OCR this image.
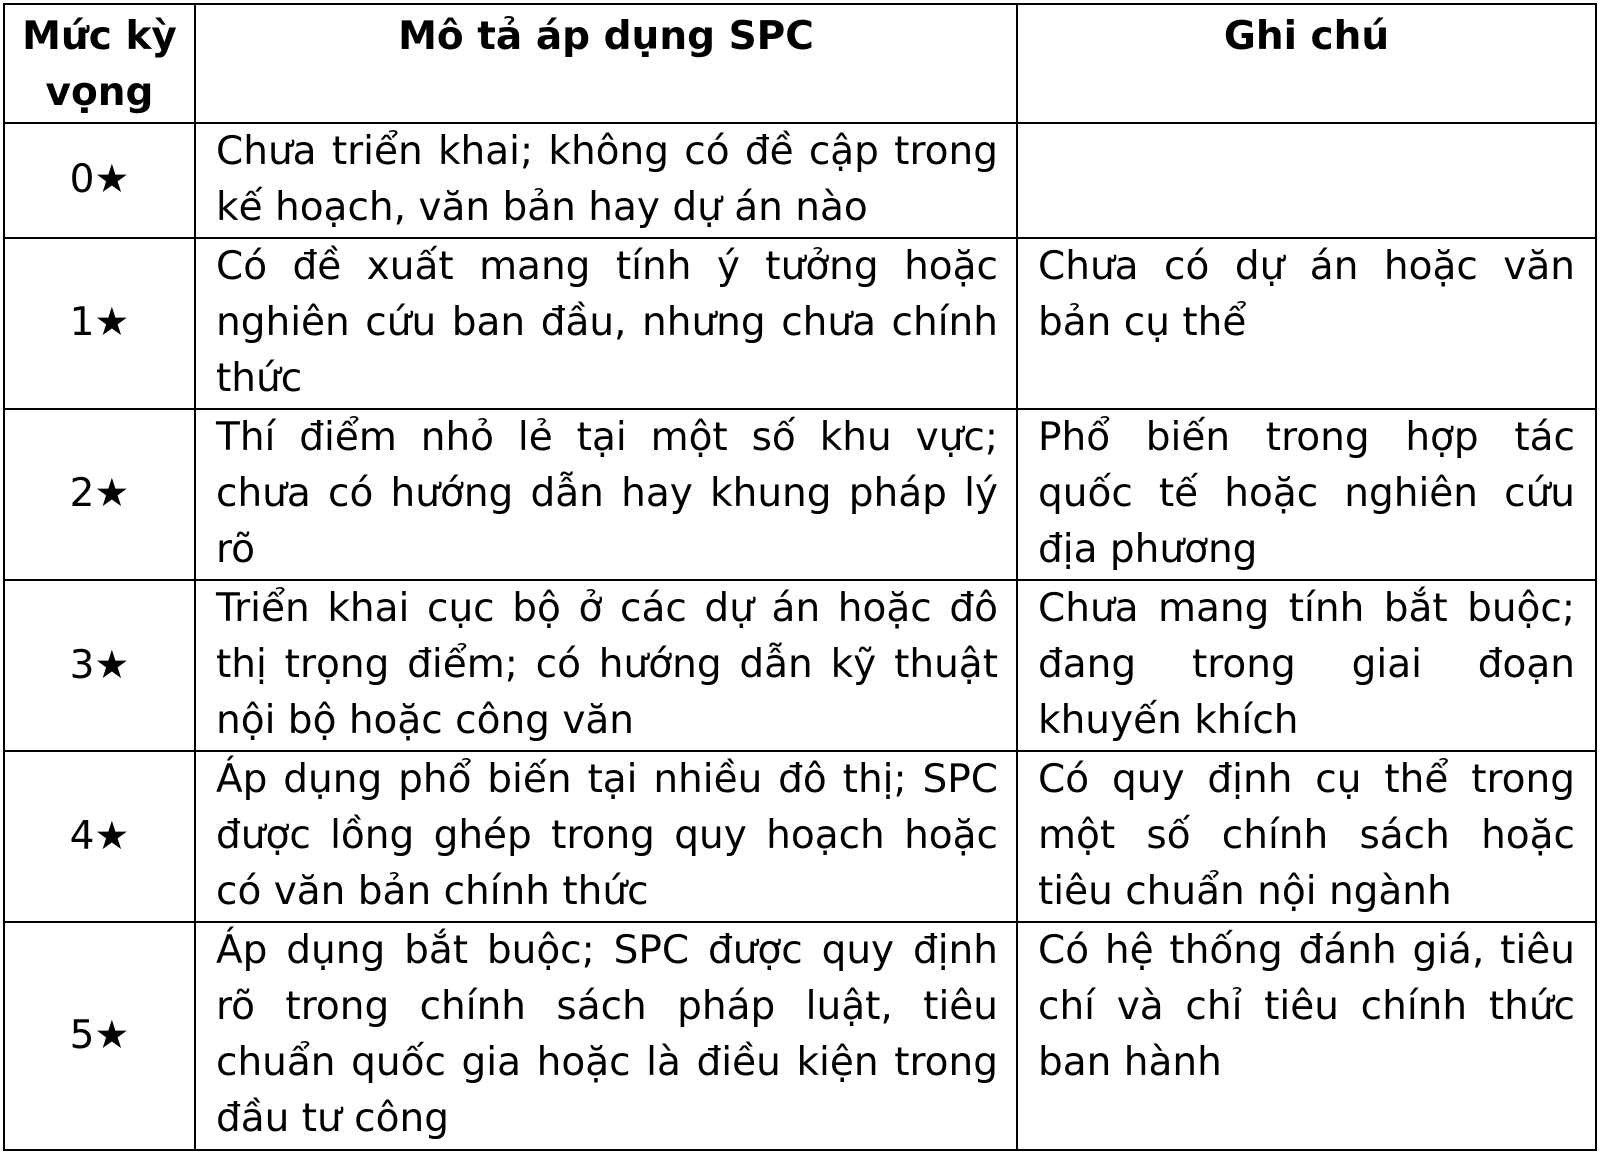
Mức kỳ vọng	Mô tả áp dụng SPC	Ghi chú
0★	Chưa triển khai; không có đề cập trong kế hoạch, văn bản hay dự án nào	
1★	Có đề xuất mang tính ý tưởng hoặc nghiên cứu ban đầu, nhưng chưa chính thức	Chưa có dự án hoặc văn bản cụ thể
2★	Thí điểm nhỏ lẻ tại một số khu vực; chưa có hướng dẫn hay khung pháp lý rõ	Phổ biến trong hợp tác quốc tế hoặc nghiên cứu địa phương
3★	Triển khai cục bộ ở các dự án hoặc đô thị trọng điểm; có hướng dẫn kỹ thuật nội bộ hoặc công văn	Chưa mang tính bắt buộc; đang trong giai đoạn khuyến khích
4★	Áp dụng phổ biến tại nhiều đô thị; SPC được lồng ghép trong quy hoạch hoặc có văn bản chính thức	Có quy định cụ thể trong một số chính sách hoặc tiêu chuẩn nội ngành
5★	Áp dụng bắt buộc; SPC được quy định rõ trong chính sách pháp luật, tiêu chuẩn quốc gia hoặc là điều kiện trong đầu tư công	Có hệ thống đánh giá, tiêu chí và chỉ tiêu chính thức ban hành
